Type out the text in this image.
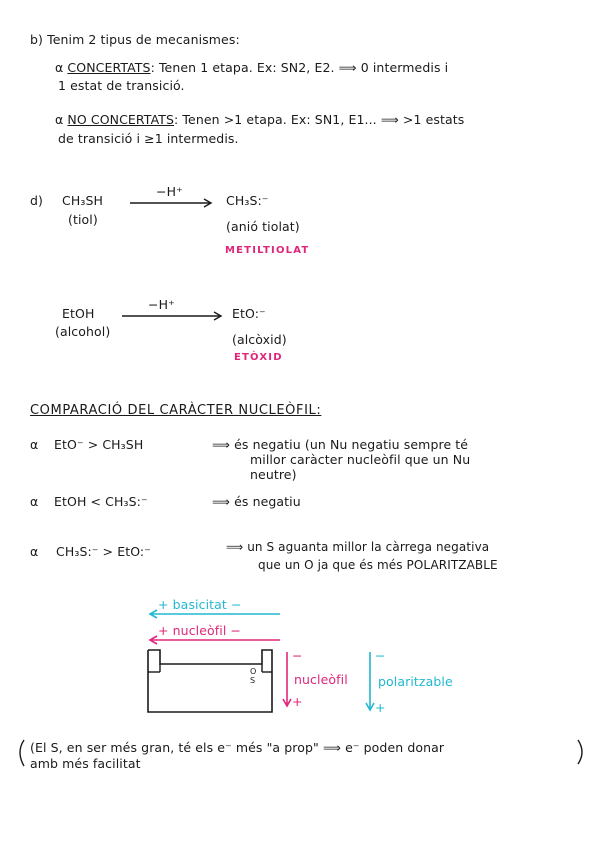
b) Tenim 2 tipus de mecanismes:
α CONCERTATS: Tenen 1 etapa. Ex: SN2, E2. ⟹ 0 intermedis i
1 estat de transició.
α NO CONCERTATS: Tenen >1 etapa. Ex: SN1, E1... ⟹ >1 estats
de transició i ≥1 intermedis.
d) CH₃SH
(tiol)
−H⁺
CH₃S:⁻
(anió tiolat)
METILTIOLAT
EtOH
(alcohol)
−H⁺
EtO:⁻
(alcòxid)
ETÒXID
COMPARACIÓ DEL CARÀCTER NUCLEÒFIL:
α EtO⁻ > CH₃SH	⟹ és negatiu (un Nu negatiu sempre té
millor caràcter nucleòfil que un Nu
neutre)
α EtOH < CH₃S:⁻	⟹ és negatiu
α CH₃S:⁻ > EtO:⁻	⟹ un S aguanta millor la càrrega negativa
que un O ja que és més POLARITZABLE
+ basicitat −
+ nucleòfil −
O
S
−
nucleòfil
+
−
polaritzable
+
(El S, en ser més gran, té els e⁻ més "a prop" ⟹ e⁻ poden donar
amb més facilitat
